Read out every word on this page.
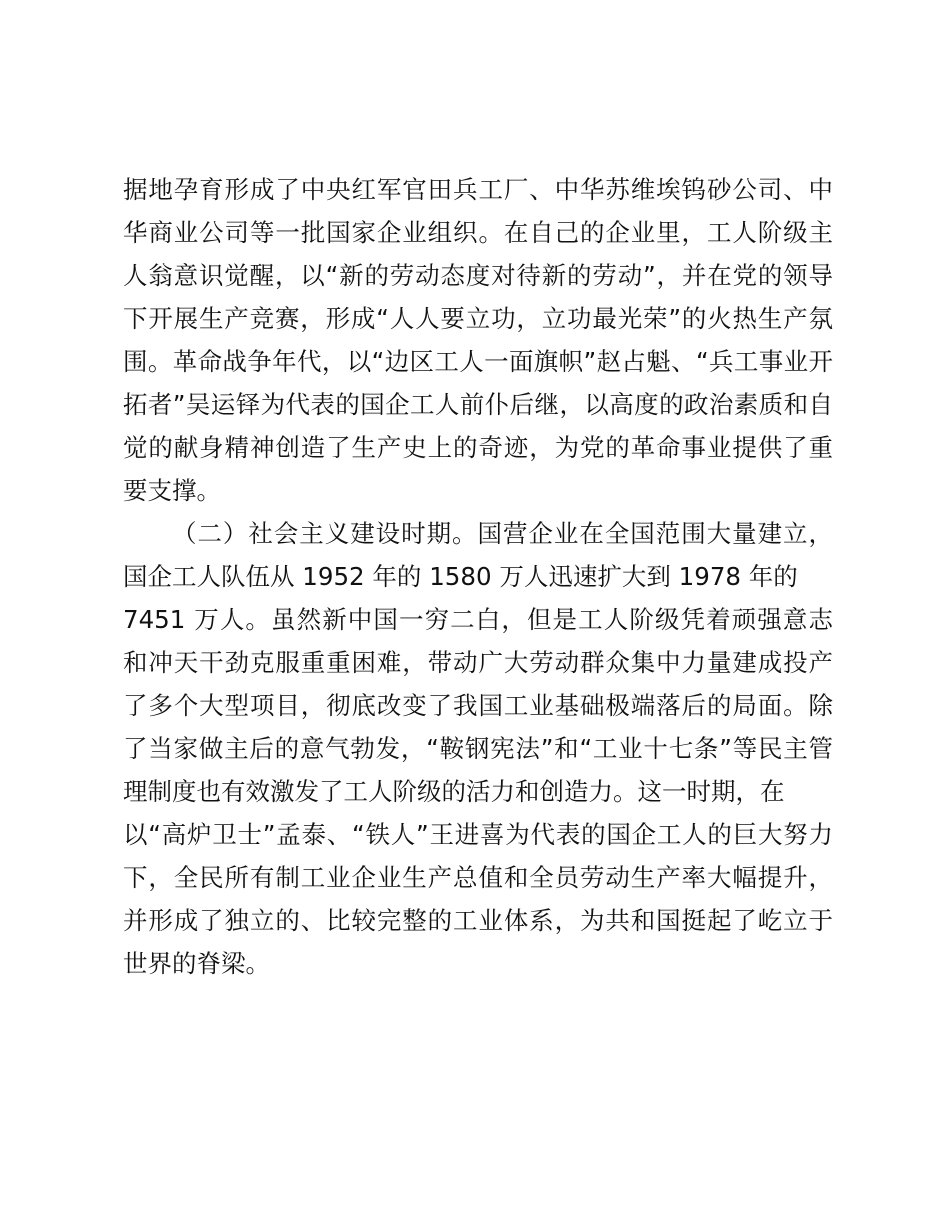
据地孕育形成了中央红军官田兵工厂、中华苏维埃钨砂公司、中
华商业公司等一批国家企业组织。在自己的企业里，工人阶级主
人翁意识觉醒，以“新的劳动态度对待新的劳动”，并在党的领导
下开展生产竞赛，形成“人人要立功，立功最光荣”的火热生产氛
围。革命战争年代，以“边区工人一面旗帜”赵占魁、“兵工事业开
拓者”吴运铎为代表的国企工人前仆后继，以高度的政治素质和自
觉的献身精神创造了生产史上的奇迹，为党的革命事业提供了重
要支撑。
（二）社会主义建设时期。国营企业在全国范围大量建立，
国企工人队伍从 1952 年的 1580 万人迅速扩大到 1978 年的
7451 万人。虽然新中国一穷二白，但是工人阶级凭着顽强意志
和冲天干劲克服重重困难，带动广大劳动群众集中力量建成投产
了多个大型项目，彻底改变了我国工业基础极端落后的局面。除
了当家做主后的意气勃发，“鞍钢宪法”和“工业十七条”等民主管
理制度也有效激发了工人阶级的活力和创造力。这一时期，在
以“高炉卫士”孟泰、“铁人”王进喜为代表的国企工人的巨大努力
下，全民所有制工业企业生产总值和全员劳动生产率大幅提升，
并形成了独立的、比较完整的工业体系，为共和国挺起了屹立于
世界的脊梁。
